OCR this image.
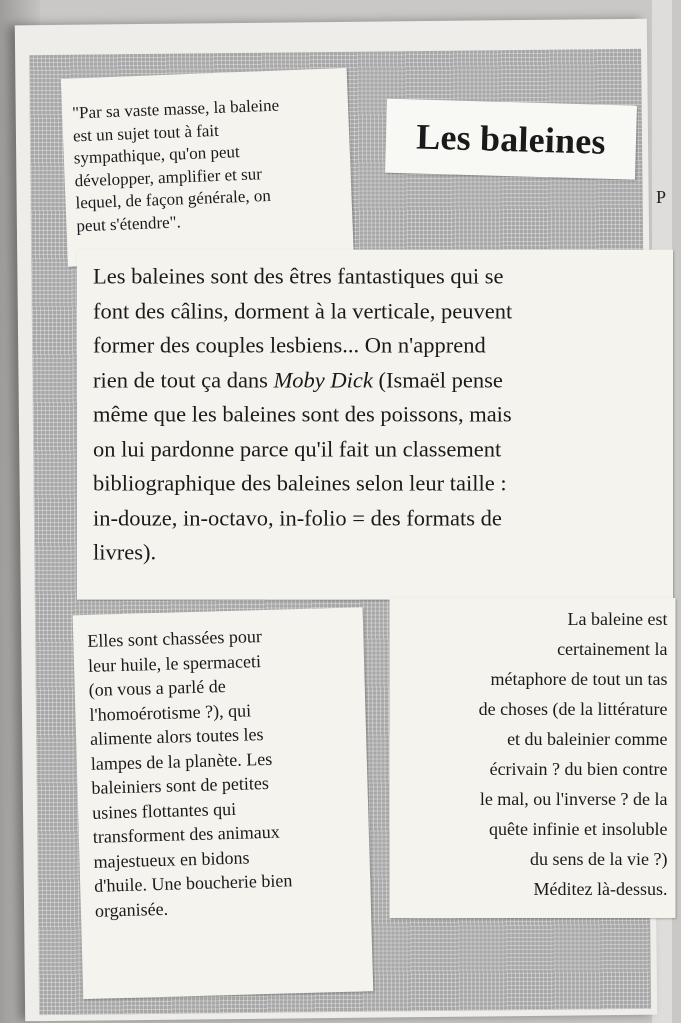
P
"Par sa vaste masse, la baleine
est un sujet tout à fait
sympathique, qu'on peut
développer, amplifier et sur
lequel, de façon générale, on
peut s'étendre".
Les baleines
Les baleines sont des êtres fantastiques qui se
font des câlins, dorment à la verticale, peuvent
former des couples lesbiens... On n'apprend
rien de tout ça dans Moby Dick (Ismaël pense
même que les baleines sont des poissons, mais
on lui pardonne parce qu'il fait un classement
bibliographique des baleines selon leur taille :
in-douze, in-octavo, in-folio = des formats de
livres).
Elles sont chassées pour
leur huile, le spermaceti
(on vous a parlé de
l'homoérotisme ?), qui
alimente alors toutes les
lampes de la planète. Les
baleiniers sont de petites
usines flottantes qui
transforment des animaux
majestueux en bidons
d'huile. Une boucherie bien
organisée.
La baleine est
certainement la
métaphore de tout un tas
de choses (de la littérature
et du baleinier comme
écrivain ? du bien contre
le mal, ou l'inverse ? de la
quête infinie et insoluble
du sens de la vie ?)
Méditez là-dessus.
